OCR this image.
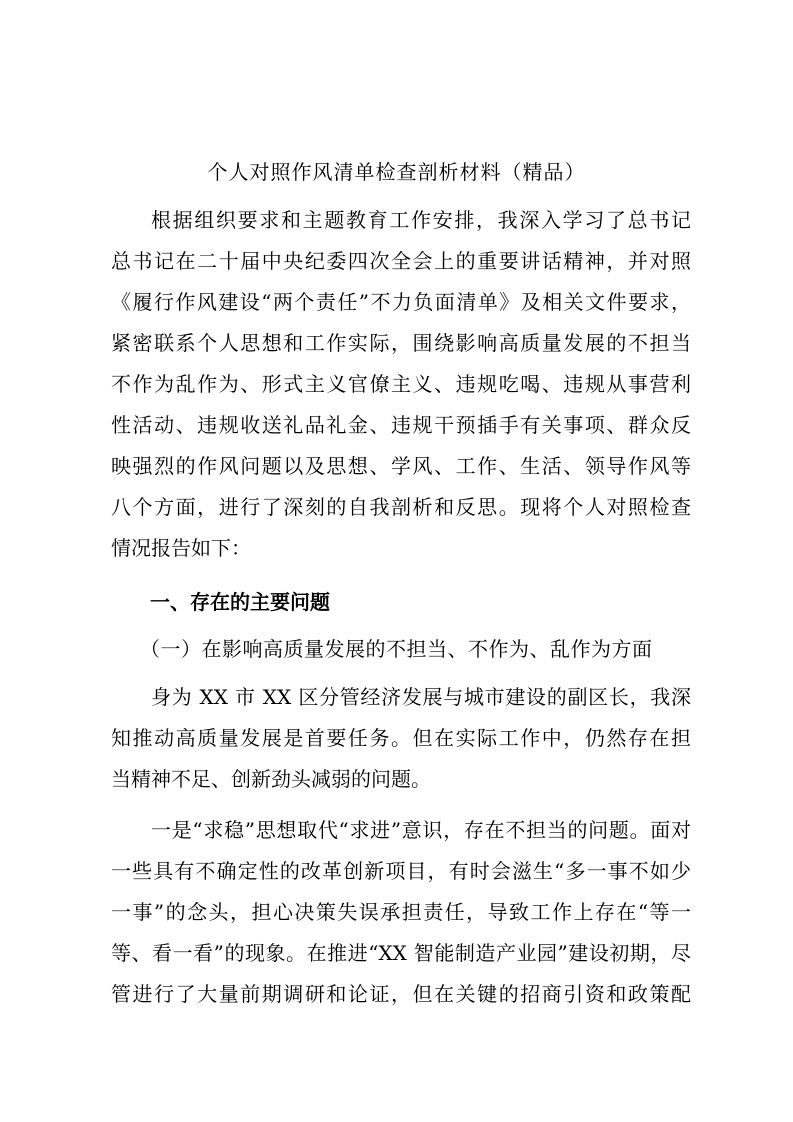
个人对照作风清单检查剖析材料（精品）
根据组织要求和主题教育工作安排，我深入学习了总书记
总书记在二十届中央纪委四次全会上的重要讲话精神，并对照
《履行作风建设“两个责任”不力负面清单》及相关文件要求，
紧密联系个人思想和工作实际，围绕影响高质量发展的不担当
不作为乱作为、形式主义官僚主义、违规吃喝、违规从事营利
性活动、违规收送礼品礼金、违规干预插手有关事项、群众反
映强烈的作风问题以及思想、学风、工作、生活、领导作风等
八个方面，进行了深刻的自我剖析和反思。现将个人对照检查
情况报告如下：
一、存在的主要问题
（一）在影响高质量发展的不担当、不作为、乱作为方面
身为 XX 市 XX 区分管经济发展与城市建设的副区长，我深
知推动高质量发展是首要任务。但在实际工作中，仍然存在担
当精神不足、创新劲头减弱的问题。
一是“求稳”思想取代“求进”意识，存在不担当的问题。面对
一些具有不确定性的改革创新项目，有时会滋生“多一事不如少
一事”的念头，担心决策失误承担责任，导致工作上存在“等一
等、看一看”的现象。在推进“XX 智能制造产业园”建设初期，尽
管进行了大量前期调研和论证，但在关键的招商引资和政策配
